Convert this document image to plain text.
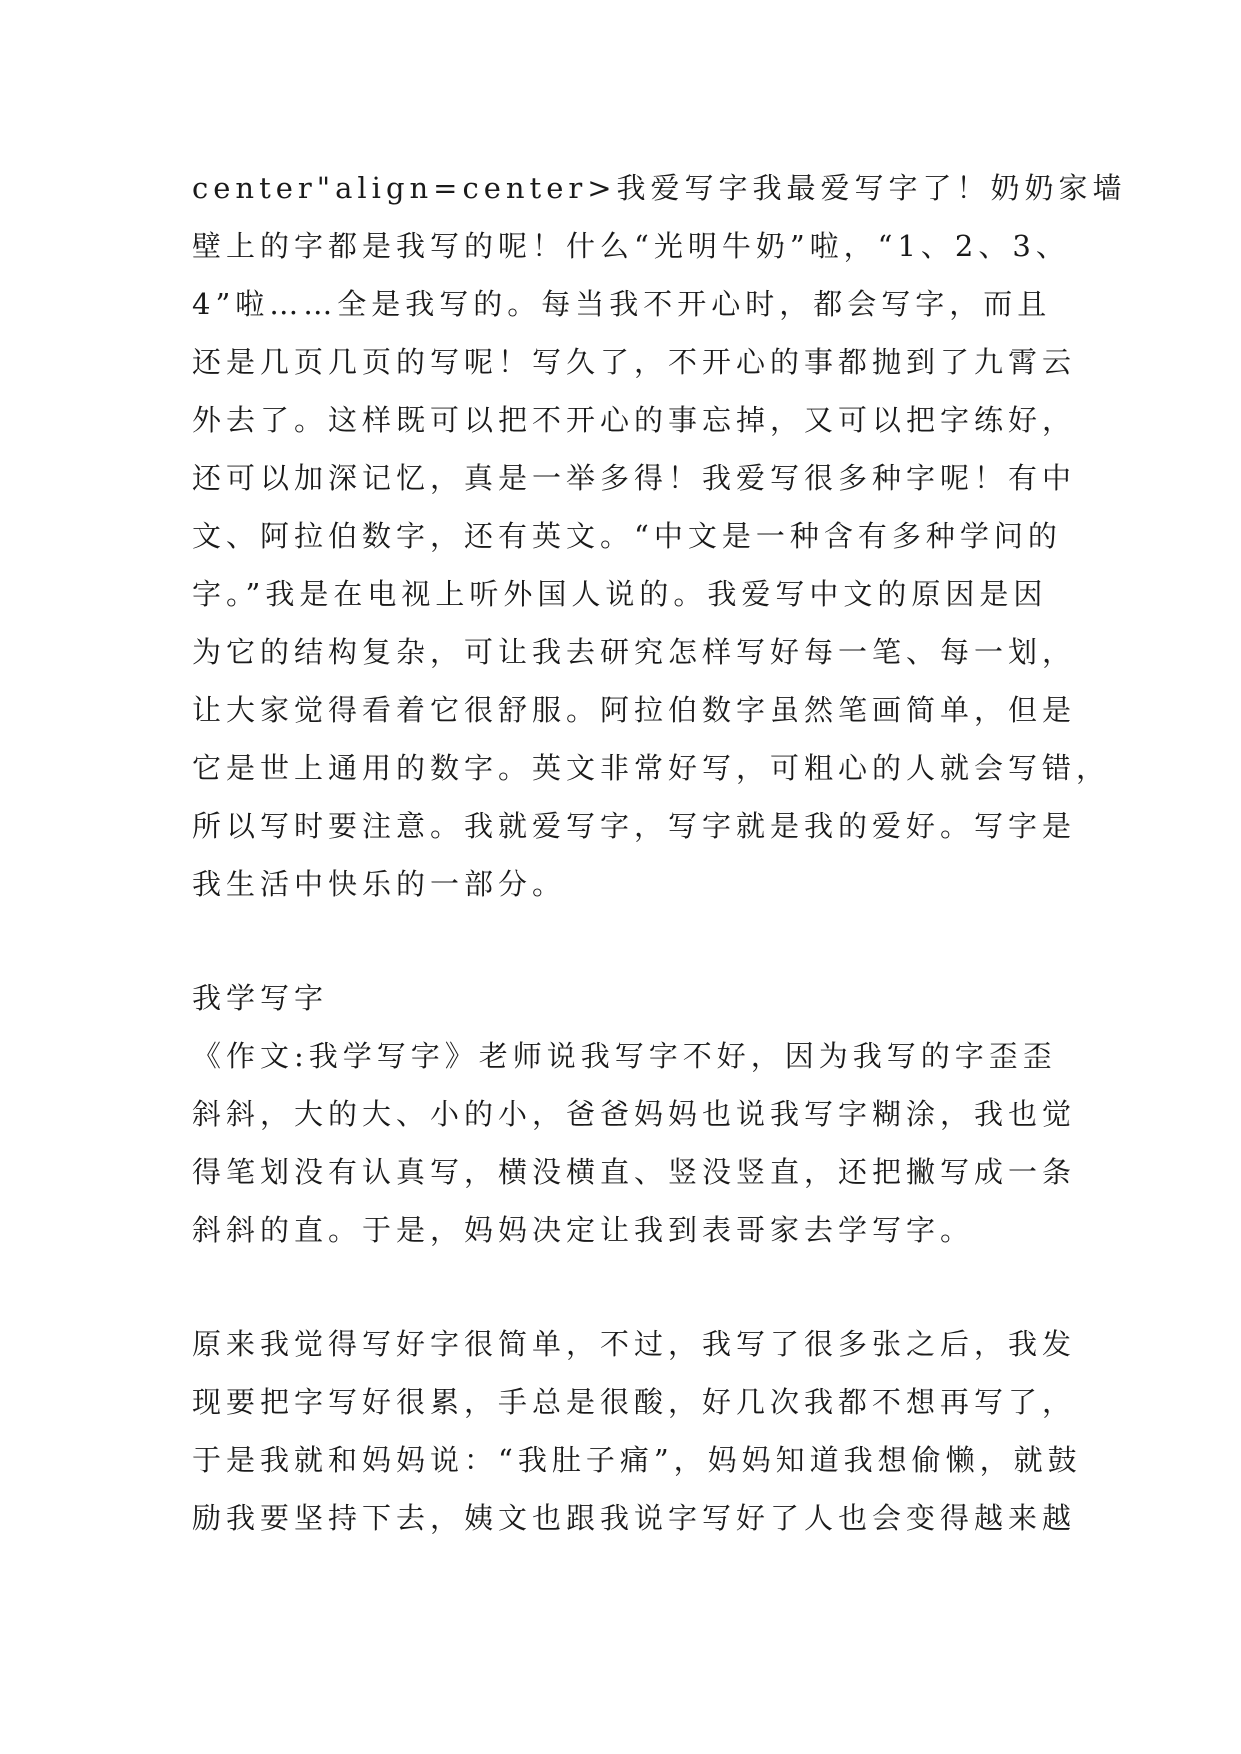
center"align=center>我爱写字我最爱写字了！奶奶家墙
壁上的字都是我写的呢！什么“光明牛奶”啦，“1、2、3、
4”啦……全是我写的。每当我不开心时，都会写字，而且
还是几页几页的写呢！写久了，不开心的事都抛到了九霄云
外去了。这样既可以把不开心的事忘掉，又可以把字练好，
还可以加深记忆，真是一举多得！我爱写很多种字呢！有中
文、阿拉伯数字，还有英文。“中文是一种含有多种学问的
字。”我是在电视上听外国人说的。我爱写中文的原因是因
为它的结构复杂，可让我去研究怎样写好每一笔、每一划，
让大家觉得看着它很舒服。阿拉伯数字虽然笔画简单，但是
它是世上通用的数字。英文非常好写，可粗心的人就会写错，
所以写时要注意。我就爱写字，写字就是我的爱好。写字是
我生活中快乐的一部分。
我学写字
《作文:我学写字》老师说我写字不好，因为我写的字歪歪
斜斜，大的大、小的小，爸爸妈妈也说我写字糊涂，我也觉
得笔划没有认真写，横没横直、竖没竖直，还把撇写成一条
斜斜的直。于是，妈妈决定让我到表哥家去学写字。
原来我觉得写好字很简单，不过，我写了很多张之后，我发
现要把字写好很累，手总是很酸，好几次我都不想再写了，
于是我就和妈妈说：“我肚子痛”，妈妈知道我想偷懒，就鼓
励我要坚持下去，姨文也跟我说字写好了人也会变得越来越
